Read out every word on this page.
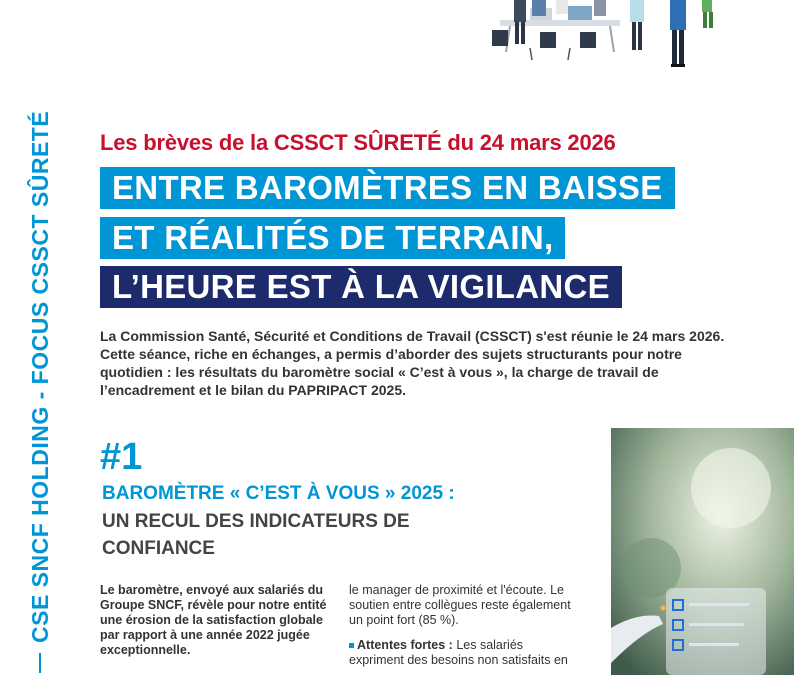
CSE SNCF HOLDING - FOCUS CSSCT SÛRETÉ Les brèves de la CSSCT SÛRETÉ du 24 mars 2026
ENTRE BAROMÈTRES EN BAISSE
ET RÉALITÉS DE TERRAIN,
L’HEURE EST À LA VIGILANCE
La Commission Santé, Sécurité et Conditions de Travail (CSSCT) s'est réunie le 24 mars 2026. Cette séance, riche en échanges, a permis d’aborder des sujets structurants pour notre quotidien : les résultats du baromètre social « C’est à vous », la charge de travail de l’encadrement et le bilan du PAPRIPACT 2025.
#1
BAROMÈTRE « C’EST À VOUS » 2025 :
UN RECUL DES INDICATEURS DE CONFIANCE

Le baromètre, envoyé aux salariés du Groupe SNCF, révèle pour notre entité une érosion de la satisfaction globale par rapport à une année 2022 jugée exceptionnelle.

le manager de proximité et l'écoute. Le soutien entre collègues reste également un point fort (85 %).

Attentes fortes : Les salariés expriment des besoins non satisfaits en
